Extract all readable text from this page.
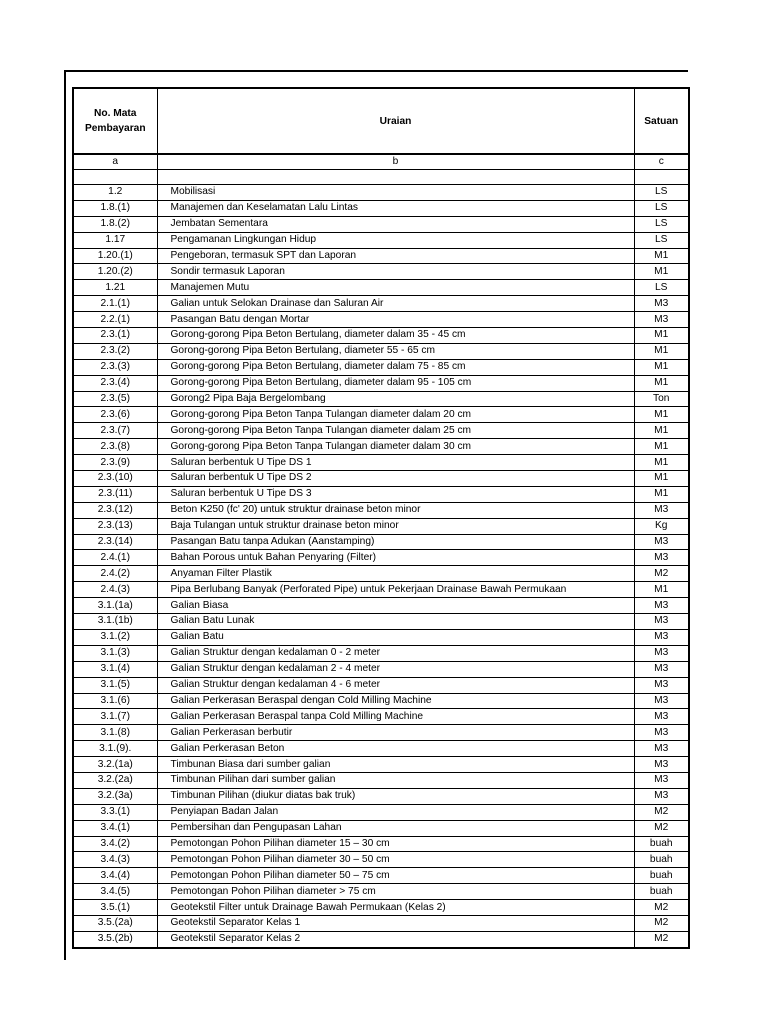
No. Mata
Pembayaran	Uraian	Satuan
a	b	c

1.2	Mobilisasi	LS
1.8.(1)	Manajemen dan Keselamatan Lalu Lintas	LS
1.8.(2)	Jembatan Sementara	LS
1.17	Pengamanan Lingkungan Hidup	LS
1.20.(1)	Pengeboran, termasuk SPT dan Laporan	M1
1.20.(2)	Sondir termasuk Laporan	M1
1.21	Manajemen Mutu	LS
2.1.(1)	Galian untuk Selokan Drainase dan Saluran Air	M3
2.2.(1)	Pasangan Batu dengan Mortar	M3
2.3.(1)	Gorong-gorong Pipa Beton Bertulang, diameter dalam 35 - 45 cm	M1
2.3.(2)	Gorong-gorong Pipa Beton Bertulang, diameter 55 - 65 cm	M1
2.3.(3)	Gorong-gorong Pipa Beton Bertulang, diameter dalam 75 - 85 cm	M1
2.3.(4)	Gorong-gorong Pipa Beton Bertulang, diameter dalam 95 - 105 cm	M1
2.3.(5)	Gorong2 Pipa Baja Bergelombang	Ton
2.3.(6)	Gorong-gorong Pipa Beton Tanpa Tulangan diameter dalam 20 cm	M1
2.3.(7)	Gorong-gorong Pipa Beton Tanpa Tulangan diameter dalam 25 cm	M1
2.3.(8)	Gorong-gorong Pipa Beton Tanpa Tulangan diameter dalam 30 cm	M1
2.3.(9)	Saluran berbentuk U Tipe DS 1	M1
2.3.(10)	Saluran berbentuk U Tipe DS 2	M1
2.3.(11)	Saluran berbentuk U Tipe DS 3	M1
2.3.(12)	Beton K250 (fc' 20) untuk struktur drainase beton minor	M3
2.3.(13)	Baja Tulangan untuk struktur drainase beton minor	Kg
2.3.(14)	Pasangan Batu tanpa Adukan (Aanstamping)	M3
2.4.(1)	Bahan Porous untuk Bahan Penyaring (Filter)	M3
2.4.(2)	Anyaman Filter Plastik	M2
2.4.(3)	Pipa Berlubang Banyak (Perforated Pipe) untuk Pekerjaan Drainase Bawah Permukaan	M1
3.1.(1a)	Galian Biasa	M3
3.1.(1b)	Galian Batu Lunak	M3
3.1.(2)	Galian Batu	M3
3.1.(3)	Galian Struktur dengan kedalaman 0 - 2 meter	M3
3.1.(4)	Galian Struktur dengan kedalaman 2 - 4 meter	M3
3.1.(5)	Galian Struktur dengan kedalaman 4 - 6 meter	M3
3.1.(6)	Galian Perkerasan Beraspal dengan Cold Milling Machine	M3
3.1.(7)	Galian Perkerasan Beraspal tanpa Cold Milling Machine	M3
3.1.(8)	Galian Perkerasan berbutir	M3
3.1.(9).	Galian Perkerasan Beton	M3
3.2.(1a)	Timbunan Biasa dari sumber galian	M3
3.2.(2a)	Timbunan Pilihan dari sumber galian	M3
3.2.(3a)	Timbunan Pilihan (diukur diatas bak truk)	M3
3.3.(1)	Penyiapan Badan Jalan	M2
3.4.(1)	Pembersihan dan Pengupasan Lahan	M2
3.4.(2)	Pemotongan Pohon Pilihan diameter 15 – 30 cm	buah
3.4.(3)	Pemotongan Pohon Pilihan diameter 30 – 50 cm	buah
3.4.(4)	Pemotongan Pohon Pilihan diameter 50 – 75 cm	buah
3.4.(5)	Pemotongan Pohon Pilihan diameter > 75 cm	buah
3.5.(1)	Geotekstil Filter untuk Drainage Bawah Permukaan (Kelas 2)	M2
3.5.(2a)	Geotekstil Separator Kelas 1	M2
3.5.(2b)	Geotekstil Separator Kelas 2	M2
